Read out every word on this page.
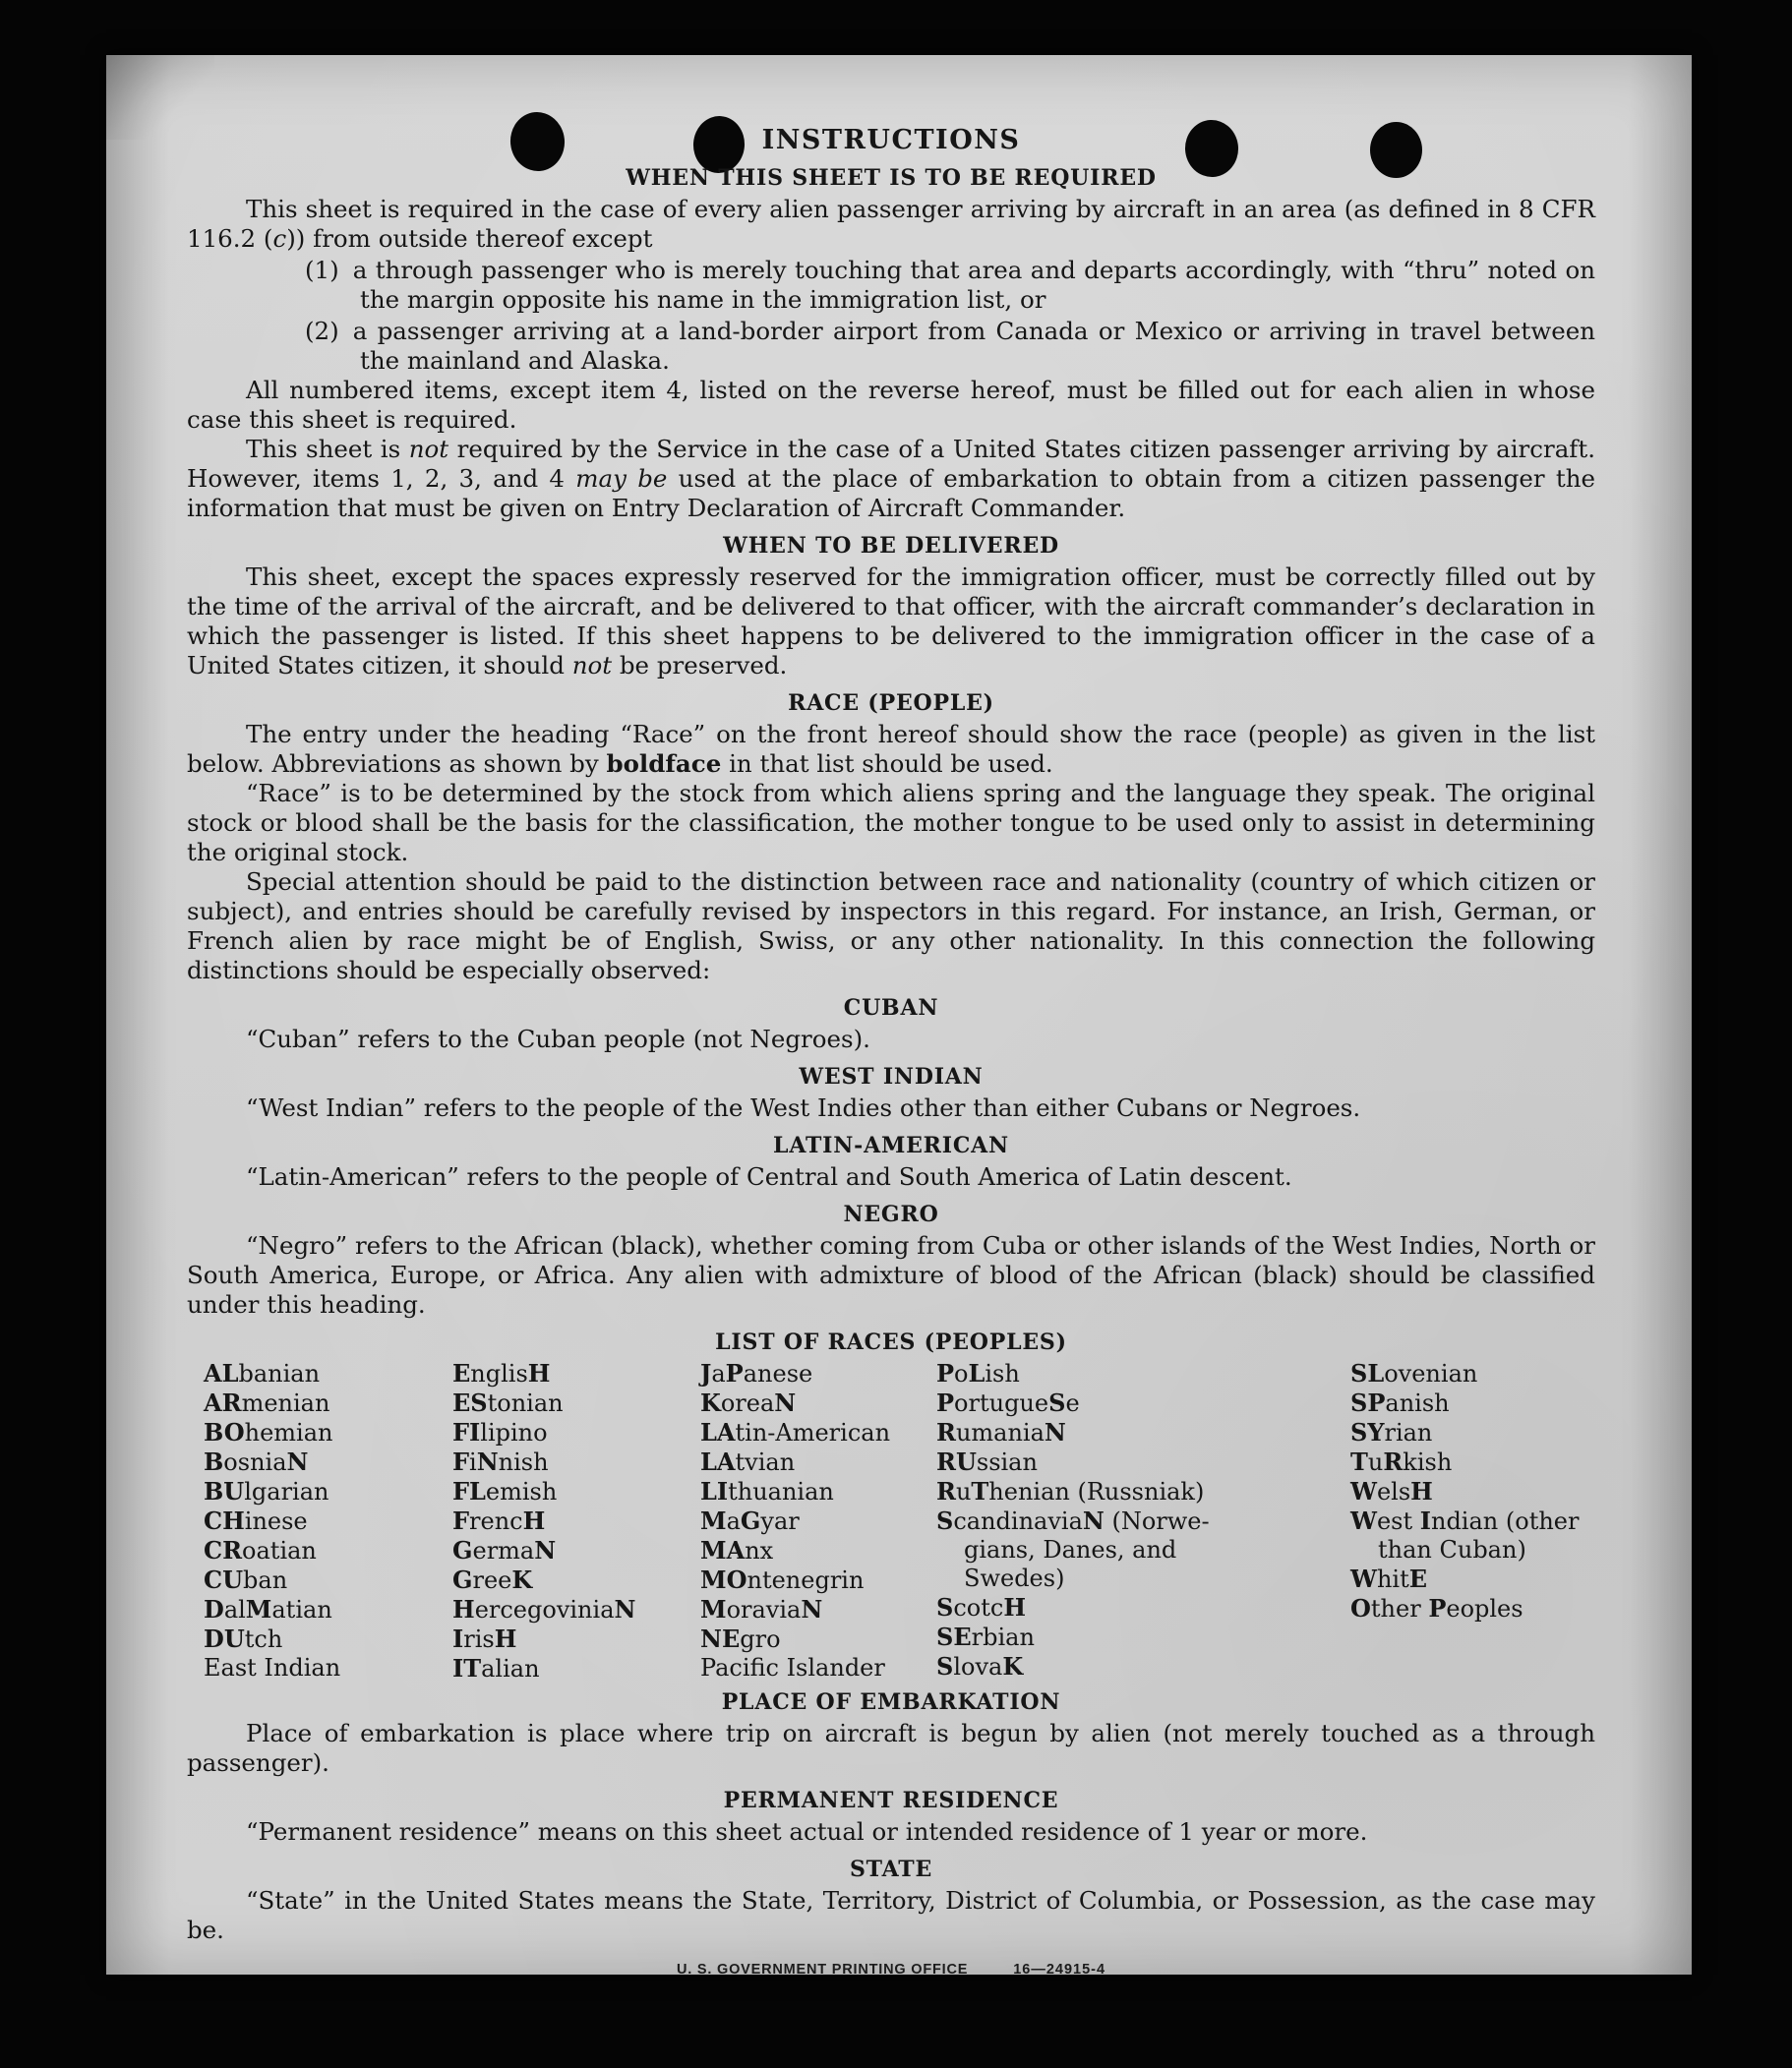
INSTRUCTIONS
WHEN THIS SHEET IS TO BE REQUIRED

This sheet is required in the case of every alien passenger arriving by aircraft in an area (as defined in 8 CFR 116.2 (c)) from outside thereof except

(1) a through passenger who is merely touching that area and departs accordingly, with “thru” noted on the margin opposite his name in the immigration list, or

(2) a passenger arriving at a land-border airport from Canada or Mexico or arriving in travel between the mainland and Alaska.

All numbered items, except item 4, listed on the reverse hereof, must be filled out for each alien in whose case this sheet is required.

This sheet is not required by the Service in the case of a United States citizen passenger arriving by aircraft. However, items 1, 2, 3, and 4 may be used at the place of embarkation to obtain from a citizen passenger the information that must be given on Entry Declaration of Aircraft Commander.

WHEN TO BE DELIVERED

This sheet, except the spaces expressly reserved for the immigration officer, must be correctly filled out by the time of the arrival of the aircraft, and be delivered to that officer, with the aircraft commander’s declaration in which the passenger is listed. If this sheet happens to be delivered to the immigration officer in the case of a United States citizen, it should not be preserved.

RACE (PEOPLE)

The entry under the heading “Race” on the front hereof should show the race (people) as given in the list below. Abbreviations as shown by boldface in that list should be used.

“Race” is to be determined by the stock from which aliens spring and the language they speak. The original stock or blood shall be the basis for the classification, the mother tongue to be used only to assist in determining the original stock.

Special attention should be paid to the distinction between race and nationality (country of which citizen or subject), and entries should be carefully revised by inspectors in this regard. For instance, an Irish, German, or French alien by race might be of English, Swiss, or any other nationality. In this connection the following distinctions should be especially observed:

CUBAN

“Cuban” refers to the Cuban people (not Negroes).

WEST INDIAN

“West Indian” refers to the people of the West Indies other than either Cubans or Negroes.

LATIN-AMERICAN

“Latin-American” refers to the people of Central and South America of Latin descent.

NEGRO

“Negro” refers to the African (black), whether coming from Cuba or other islands of the West Indies, North or South America, Europe, or Africa. Any alien with admixture of blood of the African (black) should be classified under this heading.

LIST OF RACES (PEOPLES)
ALbanian
ARmenian
BOhemian
BosniaN
BUlgarian
CHinese
CRoatian
CUban
DalMatian
DUtch
East Indian
EnglisH
EStonian
FIlipino
FiNnish
FLemish
FrencH
GermaN
GreeK
HercegoviniaN
IrisH
ITalian
JaPanese
KoreaN
LAtin-American
LAtvian
LIthuanian
MaGyar
MAnx
MOntenegrin
MoraviaN
NEgro
Pacific Islander
PoLish
PortugueSe
RumaniaN
RUssian
RuThenian (Russniak)
ScandinaviaN (Norwe-
gians, Danes, and
Swedes)
ScotcH
SErbian
SlovaK
SLovenian
SPanish
SYrian
TuRkish
WelsH
West Indian (other
than Cuban)
WhitE
Other Peoples
PLACE OF EMBARKATION

Place of embarkation is place where trip on aircraft is begun by alien (not merely touched as a through passenger).

PERMANENT RESIDENCE

“Permanent residence” means on this sheet actual or intended residence of 1 year or more.

STATE

“State” in the United States means the State, Territory, District of Columbia, or Possession, as the case may be.

U. S. GOVERNMENT PRINTING OFFICE	16—24915-4
